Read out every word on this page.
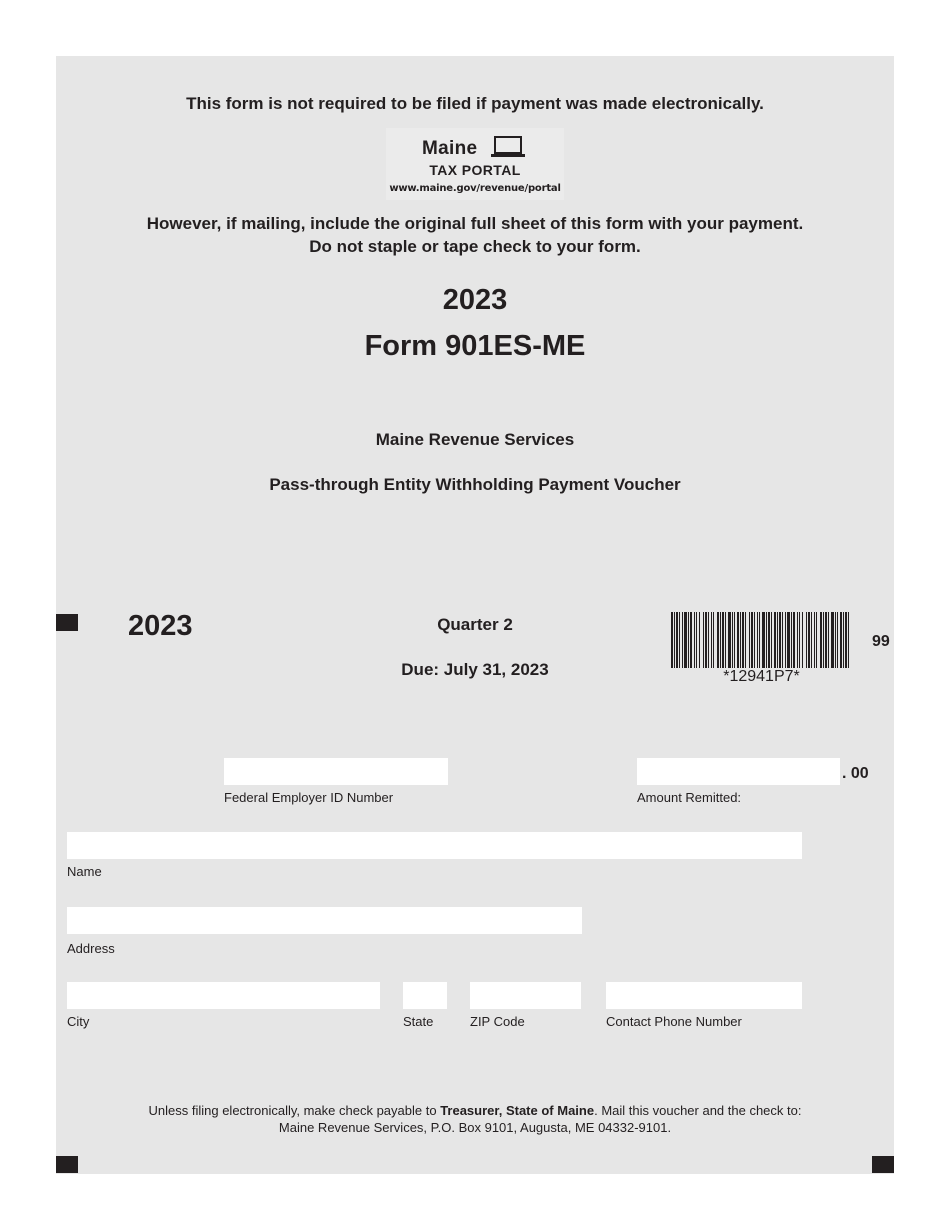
This form is not required to be filed if payment was made electronically.
Maine
TAX PORTAL
www.maine.gov/revenue/portal
However, if mailing, include the original full sheet of this form with your payment.
Do not staple or tape check to your form.
2023
Form 901ES-ME
Maine Revenue Services
Pass-through Entity Withholding Payment Voucher
2023	Quarter 2
Due: July 31, 2023	*12941P7*
99
Federal Employer ID Number
. 00
Amount Remitted:
Name
Address
City	State	ZIP Code	Contact Phone Number
Unless filing electronically, make check payable to Treasurer, State of Maine. Mail this voucher and the check to:
Maine Revenue Services, P.O. Box 9101, Augusta, ME 04332-9101.
